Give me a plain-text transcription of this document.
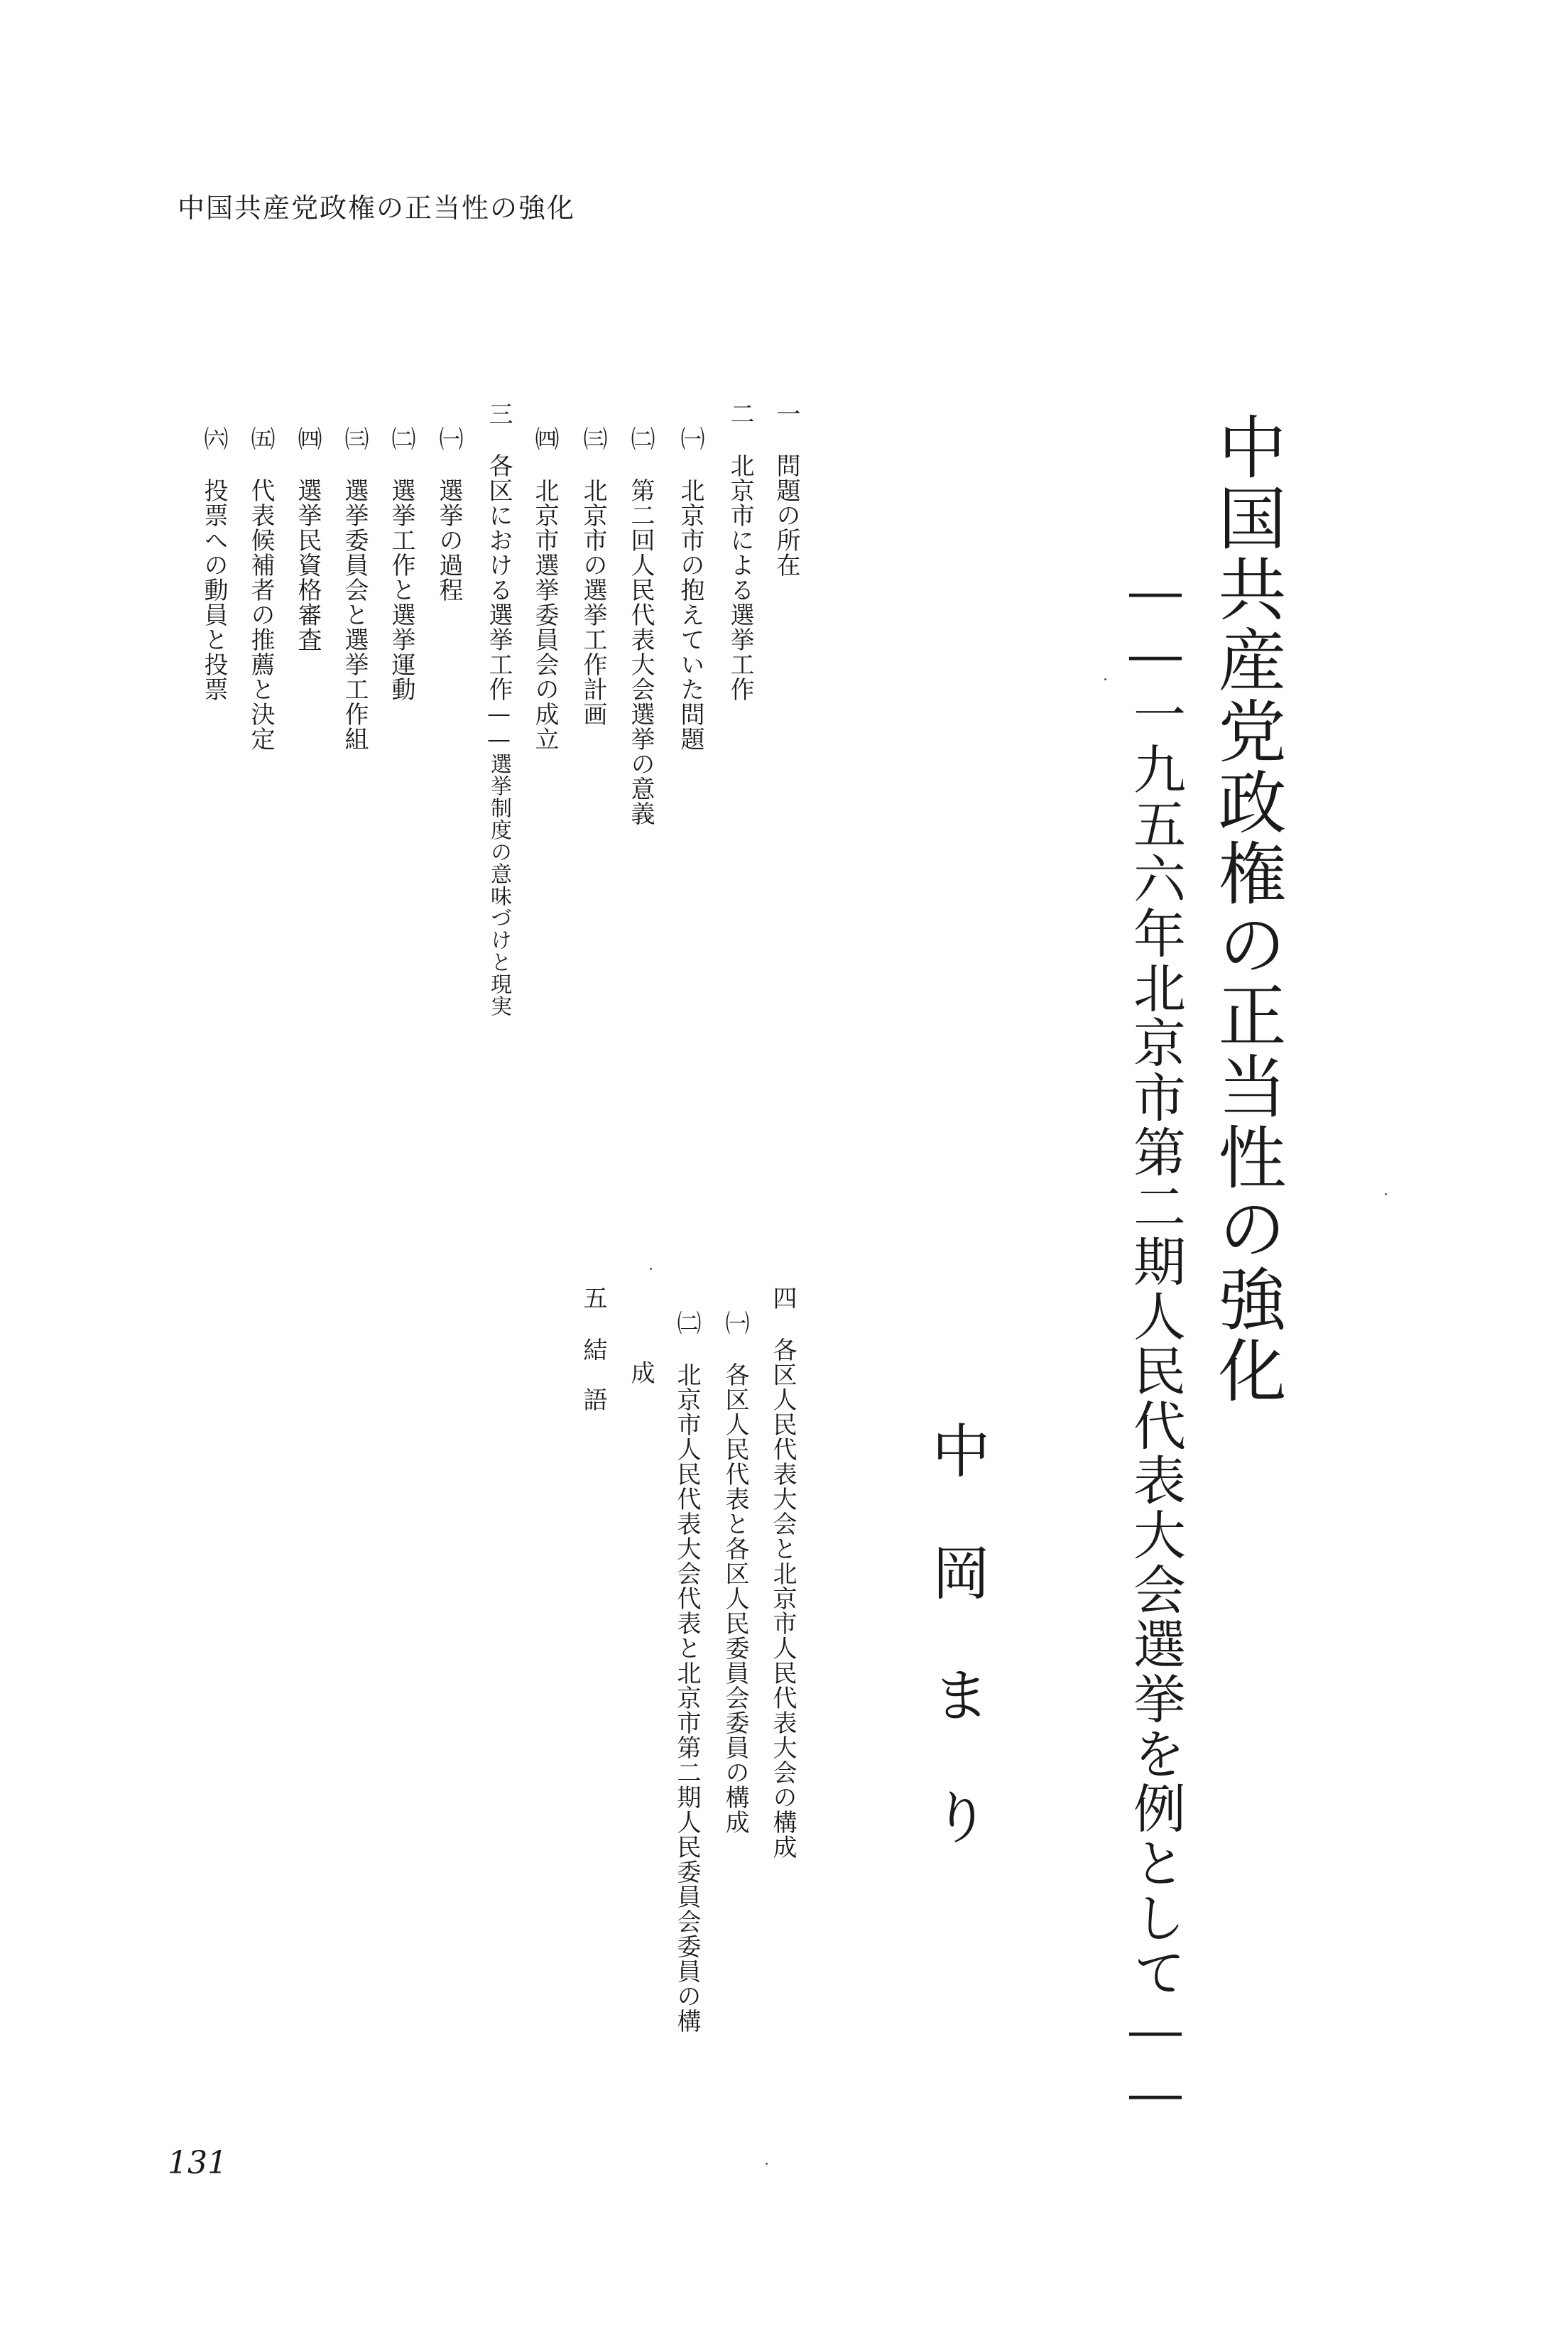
中国共産党政権の正当性の強化
中国共産党政権の正当性の強化
――一九五六年北京市第二期人民代表大会選挙を例として――
中岡まり
一問題の所在
二北京市による選挙工作
㈠北京市の抱えていた問題
㈡第二回人民代表大会選挙の意義
㈢北京市の選挙工作計画
㈣北京市選挙委員会の成立
三各区における選挙工作――選挙制度の意味づけと現実
㈠選挙の過程
㈡選挙工作と選挙運動
㈢選挙委員会と選挙工作組
㈣選挙民資格審査
㈤代表候補者の推薦と決定
㈥投票への動員と投票
四各区人民代表大会と北京市人民代表大会の構成
㈠各区人民代表と各区人民委員会委員の構成
㈡北京市人民代表大会代表と北京市第二期人民委員会委員の構
成
五結　語
131
